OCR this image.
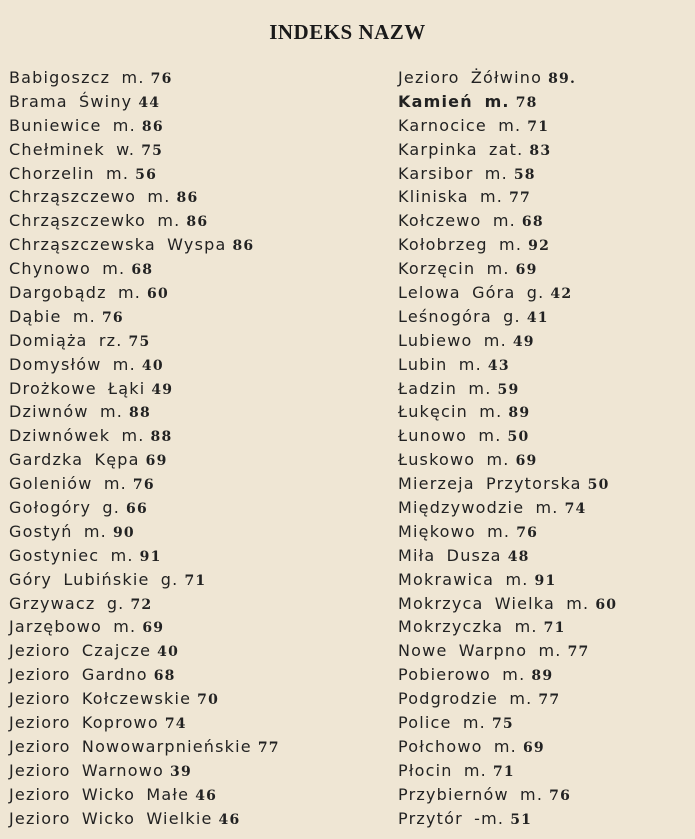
INDEKS NAZW
Babigoszcz m. 76
Brama Świny 44
Buniewice m. 86
Chełminek w. 75
Chorzelin m. 56
Chrząszczewo m. 86
Chrząszczewko m. 86
Chrząszczewska Wyspa 86
Chynowo m. 68
Dargobądz m. 60
Dąbie m. 76
Domiąża rz. 75
Domysłów m. 40
Drożkowe Łąki 49
Dziwnów m. 88
Dziwnówek m. 88
Gardzka Kępa 69
Goleniów m. 76
Gołogóry g. 66
Gostyń m. 90
Gostyniec m. 91
Góry Lubińskie g. 71
Grzywacz g. 72
Jarzębowo m. 69
Jezioro Czajcze 40
Jezioro Gardno 68
Jezioro Kołczewskie 70
Jezioro Koprowo 74
Jezioro Nowowarpnieńskie 77
Jezioro Warnowo 39
Jezioro Wicko Małe 46
Jezioro Wicko Wielkie 46
Jezioro Żółwino 89.
Kamień m. 78
Karnocice m. 71
Karpinka zat. 83
Karsibor m. 58
Kliniska m. 77
Kołczewo m. 68
Kołobrzeg m. 92
Korzęcin m. 69
Lelowa Góra g. 42
Leśnogóra g. 41
Lubiewo m. 49
Lubin m. 43
Ładzin m. 59
Łukęcin m. 89
Łunowo m. 50
Łuskowo m. 69
Mierzeja Przytorska 50
Międzywodzie m. 74
Miękowo m. 76
Miła Dusza 48
Mokrawica m. 91
Mokrzyca Wielka m. 60
Mokrzyczka m. 71
Nowe Warpno m. 77
Pobierowo m. 89
Podgrodzie m. 77
Police m. 75
Połchowo m. 69
Płocin m. 71
Przybiernów m. 76
Przytór -m. 51
